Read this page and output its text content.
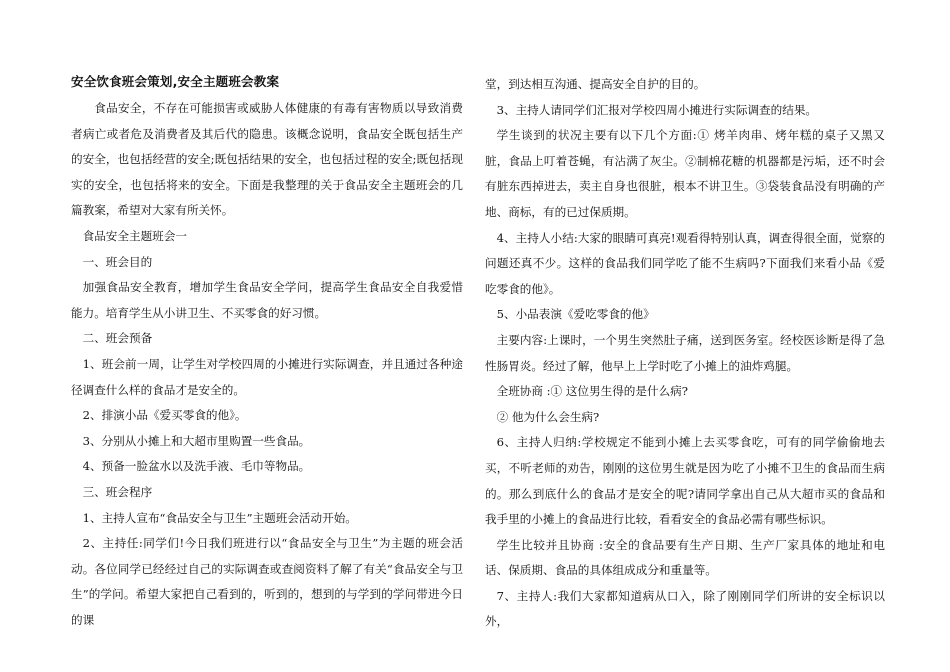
安全饮食班会策划,安全主题班会教案

食品安全，不存在可能损害或威胁人体健康的有毒有害物质以导致消费者病亡或者危及消费者及其后代的隐患。该概念说明，食品安全既包括生产的安全，也包括经营的安全;既包括结果的安全，也包括过程的安全;既包括现实的安全，也包括将来的安全。下面是我整理的关于食品安全主题班会的几篇教案，希望对大家有所关怀。

食品安全主题班会一

一、班会目的

加强食品安全教育，增加学生食品安全学问，提高学生食品安全自我爱惜能力。培育学生从小讲卫生、不买零食的好习惯。

二、班会预备

1、班会前一周，让学生对学校四周的小摊进行实际调查，并且通过各种途径调查什么样的食品才是安全的。

2、排演小品《爱买零食的他》。

3、分别从小摊上和大超市里购置一些食品。

4、预备一脸盆水以及洗手液、毛巾等物品。

三、班会程序

1、主持人宣布“食品安全与卫生”主题班会活动开始。

2、主持任:同学们!今日我们班进行以“食品安全与卫生”为主题的班会活动。各位同学已经经过自己的实际调查或查阅资料了解了有关“食品安全与卫生”的学问。希望大家把自己看到的，听到的，想到的与学到的学问带进今日的课

堂，到达相互沟通、提高安全自护的目的。

3、主持人请同学们汇报对学校四周小摊进行实际调查的结果。

学生谈到的状况主要有以下几个方面:① 烤羊肉串、烤年糕的桌子又黑又脏，食品上叮着苍蝇，有沾满了灰尘。②制棉花糖的机器都是污垢，还不时会有脏东西掉进去，卖主自身也很脏，根本不讲卫生。③袋装食品没有明确的产地、商标，有的已过保质期。

4、主持人小结:大家的眼睛可真亮!观看得特别认真，调查得很全面，觉察的问题还真不少。这样的食品我们同学吃了能不生病吗?下面我们来看小品《爱吃零食的他》。

5、小品表演《爱吃零食的他》

主要内容:上课时，一个男生突然肚子痛，送到医务室。经校医诊断是得了急性肠胃炎。经过了解，他早上上学时吃了小摊上的油炸鸡腿。

全班协商 :① 这位男生得的是什么病?

② 他为什么会生病?

6、主持人归纳:学校规定不能到小摊上去买零食吃，可有的同学偷偷地去买，不听老师的劝告，刚刚的这位男生就是因为吃了小摊不卫生的食品而生病的。那么到底什么的食品才是安全的呢?请同学拿出自己从大超市买的食品和我手里的小摊上的食品进行比较，看看安全的食品必需有哪些标识。

学生比较并且协商 :安全的食品要有生产日期、生产厂家具体的地址和电话、保质期、食品的具体组成成分和重量等。

7、主持人:我们大家都知道病从口入，除了刚刚同学们所讲的安全标识以外，
